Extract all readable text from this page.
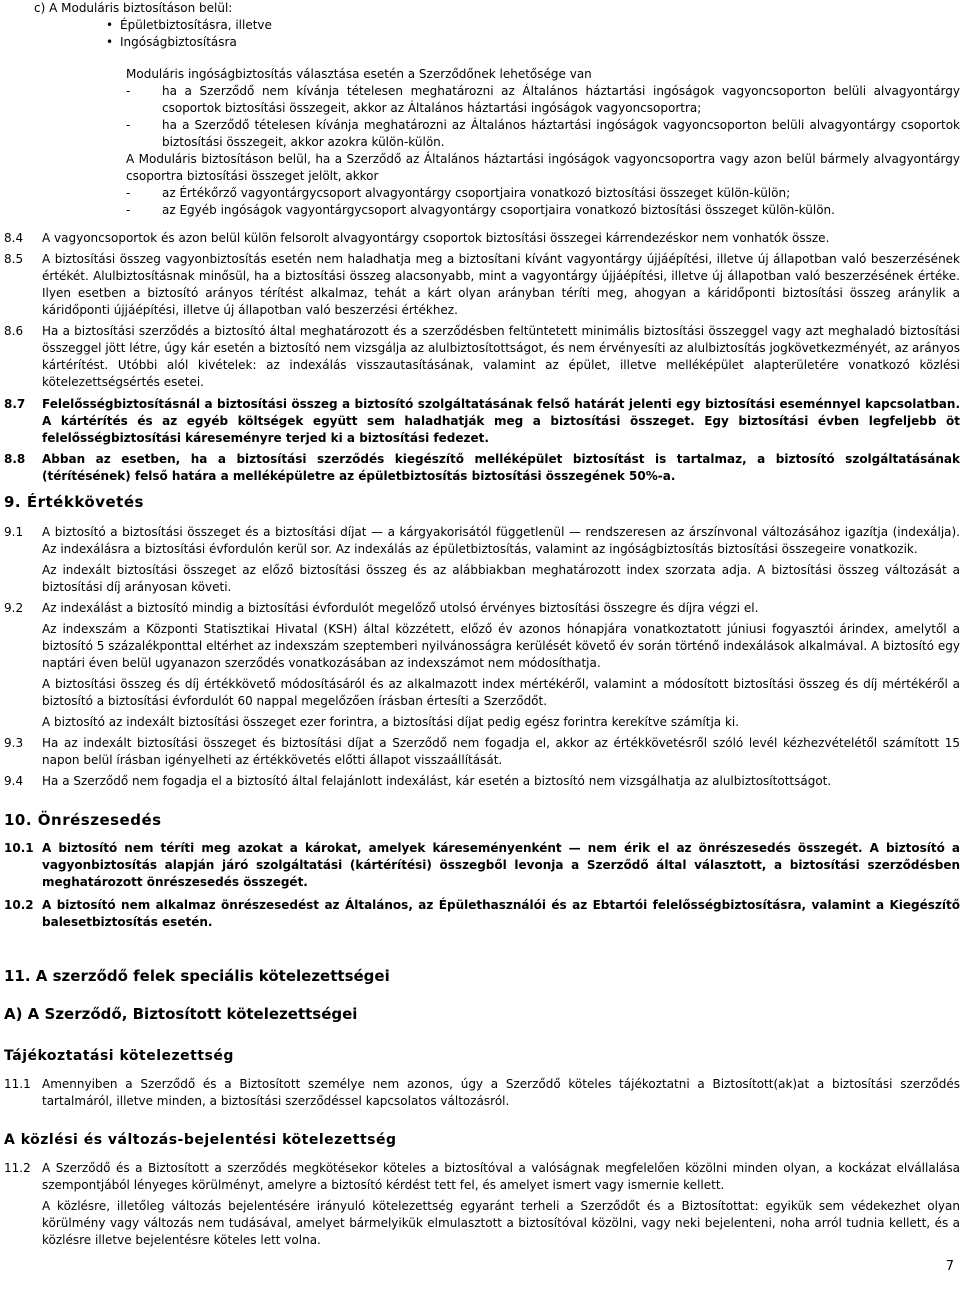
c) A Moduláris biztosításon belül:

• Épületbiztosításra, illetve
• Ingóságbiztosításra

Moduláris ingóságbiztosítás választása esetén a Szerződőnek lehetősége van

-	ha a Szerződő nem kívánja tételesen meghatározni az Általános háztartási ingóságok vagyoncsoporton belüli alvagyontárgy csoportok biztosítási összegeit, akkor az Általános háztartási ingóságok vagyoncsoportra;
-	ha a Szerződő tételesen kívánja meghatározni az Általános háztartási ingóságok vagyoncsoporton belüli alvagyontárgy csoportok biztosítási összegeit, akkor azokra külön-külön.

A Moduláris biztosításon belül, ha a Szerződő az Általános háztartási ingóságok vagyoncsoportra vagy azon belül bármely alvagyontárgy csoportra biztosítási összeget jelölt, akkor

-	az Értékőrző vagyontárgycsoport alvagyontárgy csoportjaira vonatkozó biztosítási összeget külön-külön;
-	az Egyéb ingóságok vagyontárgycsoport alvagyontárgy csoportjaira vonatkozó biztosítási összeget külön-külön.
8.4	A vagyoncsoportok és azon belül külön felsorolt alvagyontárgy csoportok biztosítási összegei kárrendezéskor nem vonhatók össze.
8.5	A biztosítási összeg vagyonbiztosítás esetén nem haladhatja meg a biztosítani kívánt vagyontárgy újjáépítési, illetve új állapotban való beszerzésének értékét. Alulbiztosításnak minősül, ha a biztosítási összeg alacsonyabb, mint a vagyontárgy újjáépítési, illetve új állapotban való beszerzésének értéke. Ilyen esetben a biztosító arányos térítést alkalmaz, tehát a kárt olyan arányban téríti meg, ahogyan a káridőponti biztosítási összeg aránylik a káridőponti újjáépítési, illetve új állapotban való beszerzési értékhez.
8.6	Ha a biztosítási szerződés a biztosító által meghatározott és a szerződésben feltüntetett minimális biztosítási összeggel vagy azt meghaladó biztosítási összeggel jött létre, úgy kár esetén a biztosító nem vizsgálja az alulbiztosítottságot, és nem érvényesíti az alulbiztosítás jogkövetkezményét, az arányos kártérítést. Utóbbi alól kivételek: az indexálás visszautasításának, valamint az épület, illetve melléképület alapterületére vonatkozó közlési kötelezettségsértés esetei.
8.7	Felelősségbiztosításnál a biztosítási összeg a biztosító szolgáltatásának felső határát jelenti egy biztosítási eseménnyel kapcsolatban. A kártérítés és az egyéb költségek együtt sem haladhatják meg a biztosítási összeget. Egy biztosítási évben legfeljebb öt felelősségbiztosítási káreseményre terjed ki a biztosítási fedezet.
8.8	Abban az esetben, ha a biztosítási szerződés kiegészítő melléképület biztosítást is tartalmaz, a biztosító szolgáltatásának (térítésének) felső határa a melléképületre az épületbiztosítás biztosítási összegének 50%-a.

9. Értékkövetés

9.1	A biztosító a biztosítási összeget és a biztosítási díjat — a kárgyakorisától függetlenül — rendszeresen az árszínvonal változásához igazítja (indexálja). Az indexálásra a biztosítási évfordulón kerül sor. Az indexálás az épületbiztosítás, valamint az ingóságbiztosítás biztosítási összegeire vonatkozik.

Az indexált biztosítási összeget az előző biztosítási összeg és az alábbiakban meghatározott index szorzata adja. A biztosítási összeg változását a biztosítási díj arányosan követi.

9.2	Az indexálást a biztosító mindig a biztosítási évfordulót megelőző utolsó érvényes biztosítási összegre és díjra végzi el.

Az indexszám a Központi Statisztikai Hivatal (KSH) által közzétett, előző év azonos hónapjára vonatkoztatott júniusi fogyasztói árindex, amelytől a biztosító 5 százalékponttal eltérhet az indexszám szeptemberi nyilvánosságra kerülését követő év során történő indexálások alkalmával. A biztosító egy naptári éven belül ugyanazon szerződés vonatkozásában az indexszámot nem módosíthatja.

A biztosítási összeg és díj értékkövető módosításáról és az alkalmazott index mértékéről, valamint a módosított biztosítási összeg és díj mértékéről a biztosító a biztosítási évfordulót 60 nappal megelőzően írásban értesíti a Szerződőt.

A biztosító az indexált biztosítási összeget ezer forintra, a biztosítási díjat pedig egész forintra kerekítve számítja ki.

9.3	Ha az indexált biztosítási összeget és biztosítási díjat a Szerződő nem fogadja el, akkor az értékkövetésről szóló levél kézhezvételétől számított 15 napon belül írásban igényelheti az értékkövetés előtti állapot visszaállítását.
9.4	Ha a Szerződő nem fogadja el a biztosító által felajánlott indexálást, kár esetén a biztosító nem vizsgálhatja az alulbiztosítottságot.

10. Önrészesedés

10.1 A biztosító nem téríti meg azokat a károkat, amelyek káreseményenként — nem érik el az önrészesedés összegét. A biztosító a vagyonbiztosítás alapján járó szolgáltatási (kártérítési) összegből levonja a Szerződő által választott, a biztosítási szerződésben meghatározott önrészesedés összegét.
10.2 A biztosító nem alkalmaz önrészesedést az Általános, az Épülethasználói és az Ebtartói felelősségbiztosításra, valamint a Kiegészítő balesetbiztosítás esetén.

11. A szerződő felek speciális kötelezettségei

A) A Szerződő, Biztosított kötelezettségei

Tájékoztatási kötelezettség

11.1 Amennyiben a Szerződő és a Biztosított személye nem azonos, úgy a Szerződő köteles tájékoztatni a Biztosított(ak)at a biztosítási szerződés tartalmáról, illetve minden, a biztosítási szerződéssel kapcsolatos változásról.

A közlési és változás-bejelentési kötelezettség

11.2 A Szerződő és a Biztosított a szerződés megkötésekor köteles a biztosítóval a valóságnak megfelelően közölni minden olyan, a kockázat elvállalása szempontjából lényeges körülményt, amelyre a biztosító kérdést tett fel, és amelyet ismert vagy ismernie kellett.

A közlésre, illetőleg változás bejelentésére irányuló kötelezettség egyaránt terheli a Szerződőt és a Biztosítottat: egyikük sem védekezhet olyan körülmény vagy változás nem tudásával, amelyet bármelyikük elmulasztott a biztosítóval közölni, vagy neki bejelenteni, noha arról tudnia kellett, és a közlésre illetve bejelentésre köteles lett volna.

7
